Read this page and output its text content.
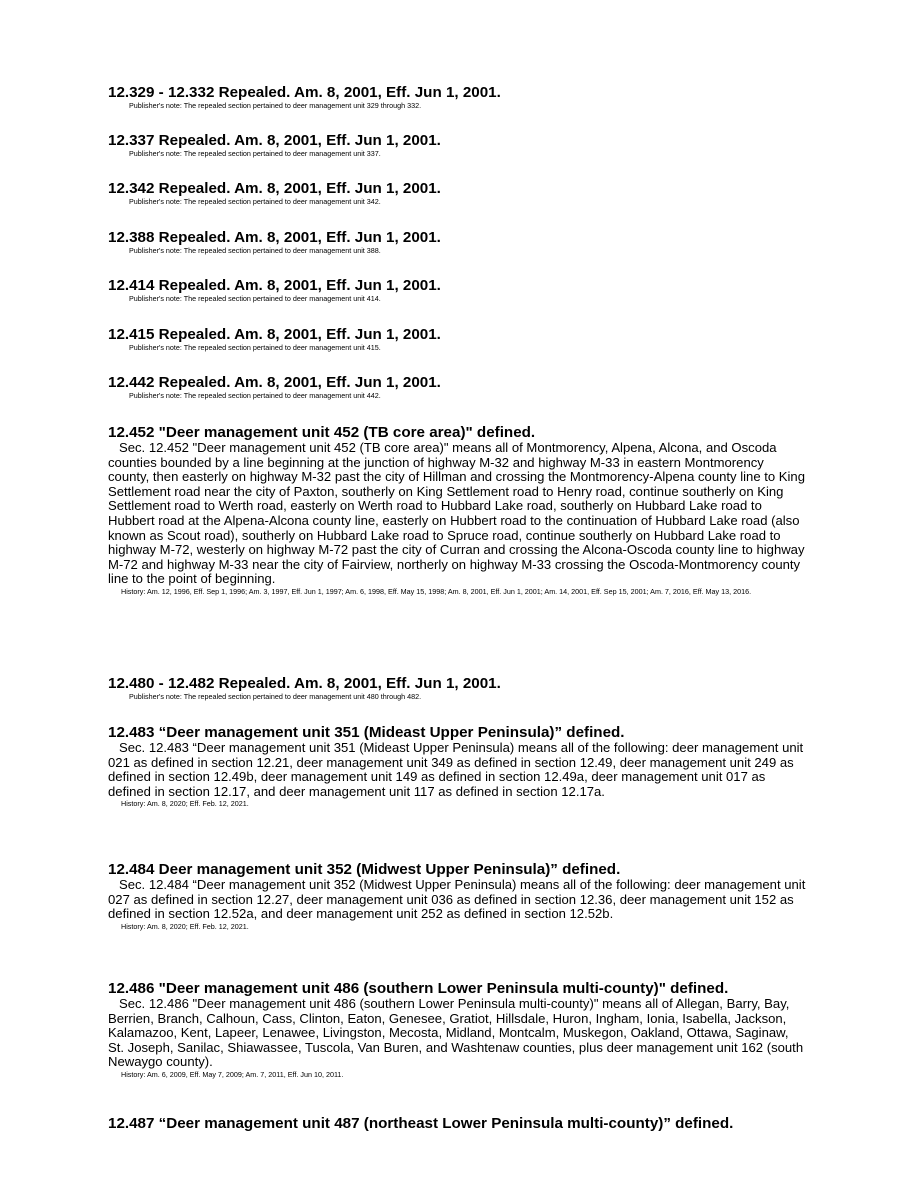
12.329 - 12.332 Repealed. Am. 8, 2001, Eff. Jun 1, 2001.
Publisher's note: The repealed section pertained to deer management unit 329 through 332.
12.337 Repealed. Am. 8, 2001, Eff. Jun 1, 2001.
Publisher's note: The repealed section pertained to deer management unit 337.
12.342 Repealed. Am. 8, 2001, Eff. Jun 1, 2001.
Publisher's note: The repealed section pertained to deer management unit 342.
12.388 Repealed. Am. 8, 2001, Eff. Jun 1, 2001.
Publisher's note: The repealed section pertained to deer management unit 388.
12.414 Repealed. Am. 8, 2001, Eff. Jun 1, 2001.
Publisher's note: The repealed section pertained to deer management unit 414.
12.415 Repealed. Am. 8, 2001, Eff. Jun 1, 2001.
Publisher's note: The repealed section pertained to deer management unit 415.
12.442 Repealed. Am. 8, 2001, Eff. Jun 1, 2001.
Publisher's note: The repealed section pertained to deer management unit 442.
12.452 "Deer management unit 452 (TB core area)" defined.
Sec. 12.452 "Deer management unit 452 (TB core area)" means all of Montmorency, Alpena, Alcona, and Oscoda counties bounded by a line beginning at the junction of highway M-32 and highway M-33 in eastern Montmorency county, then easterly on highway M-32 past the city of Hillman and crossing the Montmorency-Alpena county line to King Settlement road near the city of Paxton, southerly on King Settlement road to Henry road, continue southerly on King Settlement road to Werth road, easterly on Werth road to Hubbard Lake road, southerly on Hubbard Lake road to Hubbert road at the Alpena-Alcona county line, easterly on Hubbert road to the continuation of Hubbard Lake road (also known as Scout road), southerly on Hubbard Lake road to Spruce road, continue southerly on Hubbard Lake road to highway M-72, westerly on highway M-72 past the city of Curran and crossing the Alcona-Oscoda county line to highway M-72 and highway M-33 near the city of Fairview, northerly on highway M-33 crossing the Oscoda-Montmorency county line to the point of beginning.
History: Am. 12, 1996, Eff. Sep 1, 1996; Am. 3, 1997, Eff. Jun 1, 1997; Am. 6, 1998, Eff. May 15, 1998; Am. 8, 2001, Eff. Jun 1, 2001; Am. 14, 2001, Eff. Sep 15, 2001; Am. 7, 2016, Eff. May 13, 2016.
12.480 - 12.482 Repealed. Am. 8, 2001, Eff. Jun 1, 2001.
Publisher's note: The repealed section pertained to deer management unit 480 through 482.
12.483 “Deer management unit 351 (Mideast Upper Peninsula)” defined.
Sec. 12.483 “Deer management unit 351 (Mideast Upper Peninsula) means all of the following: deer management unit 021 as defined in section 12.21, deer management unit 349 as defined in section 12.49, deer management unit 249 as defined in section 12.49b, deer management unit 149 as defined in section 12.49a, deer management unit 017 as defined in section 12.17, and deer management unit 117 as defined in section 12.17a.
History: Am. 8, 2020; Eff. Feb. 12, 2021.
12.484 Deer management unit 352 (Midwest Upper Peninsula)” defined.
Sec. 12.484 “Deer management unit 352 (Midwest Upper Peninsula) means all of the following: deer management unit 027 as defined in section 12.27, deer management unit 036 as defined in section 12.36, deer management unit 152 as defined in section 12.52a, and deer management unit 252 as defined in section 12.52b.
History: Am. 8, 2020; Eff. Feb. 12, 2021.
12.486 "Deer management unit 486 (southern Lower Peninsula multi-county)" defined.
Sec. 12.486 "Deer management unit 486 (southern Lower Peninsula multi-county)" means all of Allegan, Barry, Bay, Berrien, Branch, Calhoun, Cass, Clinton, Eaton, Genesee, Gratiot, Hillsdale, Huron, Ingham, Ionia, Isabella, Jackson, Kalamazoo, Kent, Lapeer, Lenawee, Livingston, Mecosta, Midland, Montcalm, Muskegon, Oakland, Ottawa, Saginaw, St. Joseph, Sanilac, Shiawassee, Tuscola, Van Buren, and Washtenaw counties, plus deer management unit 162 (south Newaygo county).
History: Am. 6, 2009, Eff. May 7, 2009; Am. 7, 2011, Eff. Jun 10, 2011.
12.487 “Deer management unit 487 (northeast Lower Peninsula multi-county)” defined.
